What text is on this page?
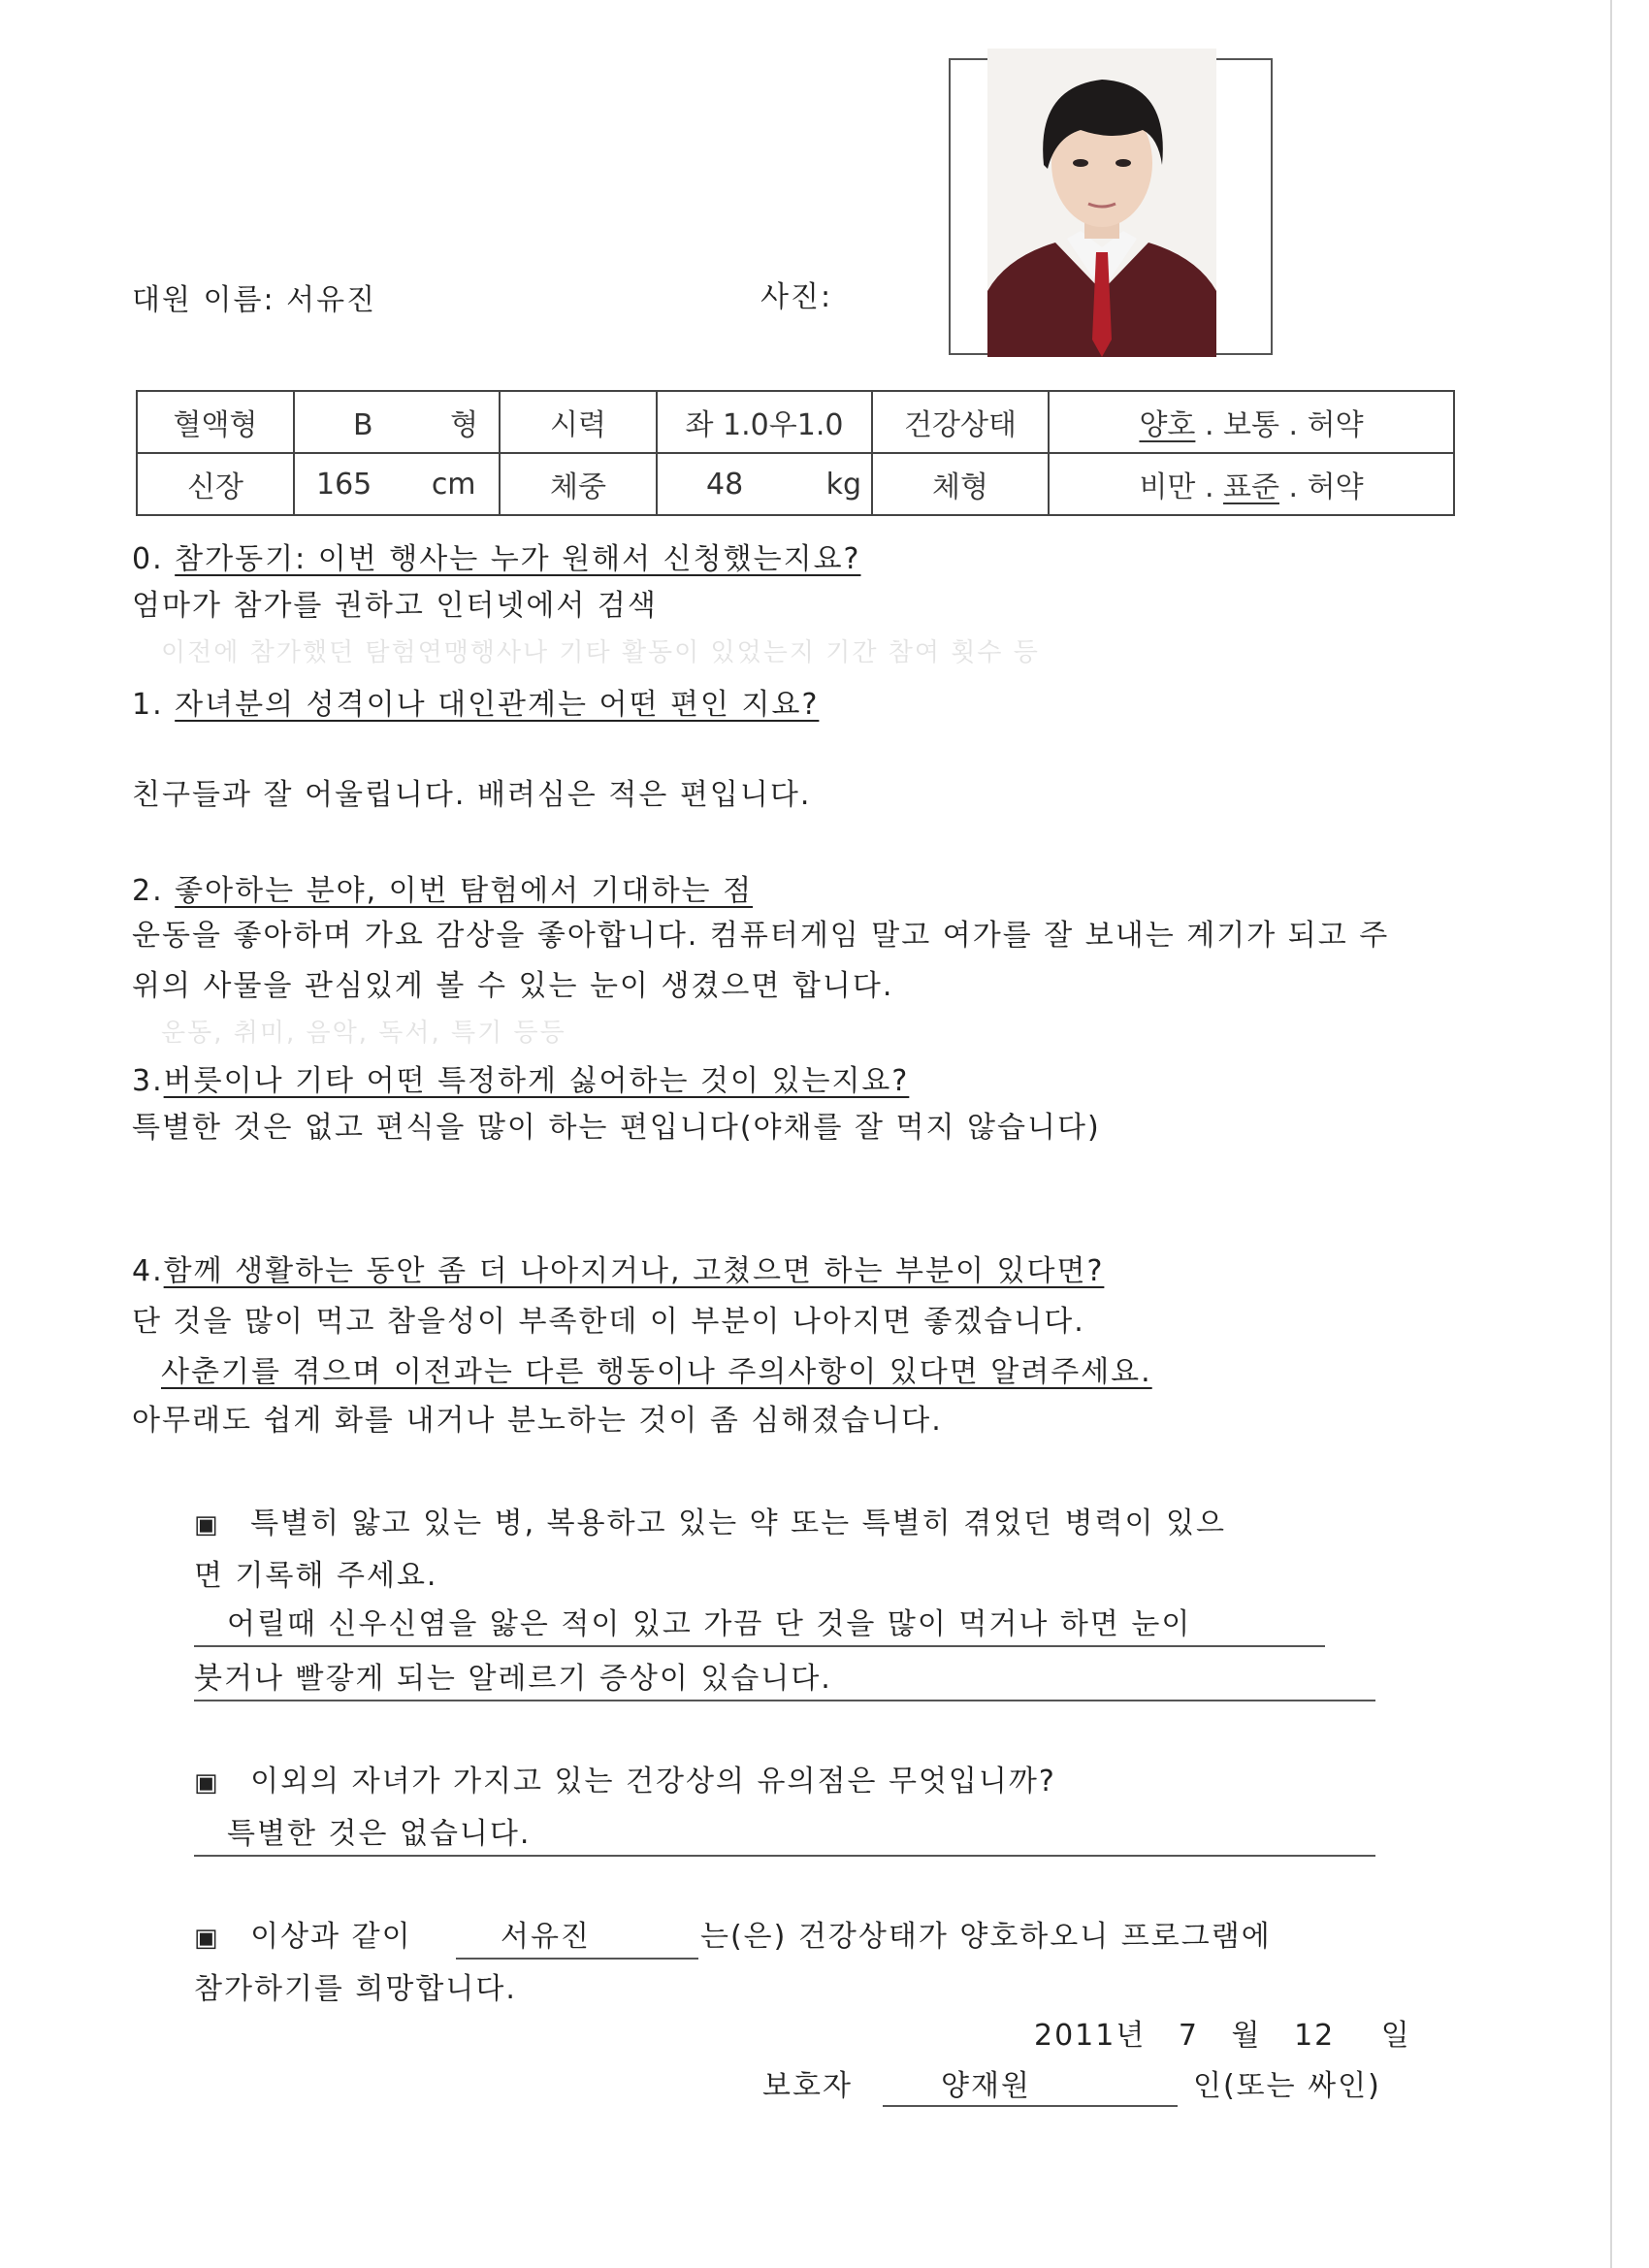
대원 이름: 서유진	사진:
혈액형	B 형	시력	좌 1.0우1.0	건강상태	양호 . 보통 . 허약
신장	165 cm	체중	48 kg	체형	비만 . 표준 . 허약
0. 참가동기: 이번 행사는 누가 원해서 신청했는지요?
엄마가 참가를 권하고 인터넷에서 검색
이전에 참가했던 탐험연맹행사나 기타 활동이 있었는지 기간 참여 횟수 등
1. 자녀분의 성격이나 대인관계는 어떤 편인 지요?
친구들과 잘 어울립니다. 배려심은 적은 편입니다.
2. 좋아하는 분야, 이번 탐험에서 기대하는 점
운동을 좋아하며 가요 감상을 좋아합니다. 컴퓨터게임 말고 여가를 잘 보내는 계기가 되고 주
위의 사물을 관심있게 볼 수 있는 눈이 생겼으면 합니다.
운동, 취미, 음악, 독서, 특기 등등
3.버릇이나 기타 어떤 특정하게 싫어하는 것이 있는지요?
특별한 것은 없고 편식을 많이 하는 편입니다(야채를 잘 먹지 않습니다)
4.함께 생활하는 동안 좀 더 나아지거나, 고쳤으면 하는 부분이 있다면?
단 것을 많이 먹고 참을성이 부족한데 이 부분이 나아지면 좋겠습니다.
사춘기를 겪으며 이전과는 다른 행동이나 주의사항이 있다면 알려주세요.
아무래도 쉽게 화를 내거나 분노하는 것이 좀 심해졌습니다.
▣ 특별히 앓고 있는 병, 복용하고 있는 약 또는 특별히 겪었던 병력이 있으
면 기록해 주세요.
어릴때 신우신염을 앓은 적이 있고 가끔 단 것을 많이 먹거나 하면 눈이
붓거나 빨갛게 되는 알레르기 증상이 있습니다.
▣ 이외의 자녀가 가지고 있는 건강상의 유의점은 무엇입니까?
특별한 것은 없습니다.
▣ 이상과 같이	서유진	는(은) 건강상태가 양호하오니 프로그램에
참가하기를 희망합니다.
2011년 7 월 12 일
보호자	양재원	인(또는 싸인)
